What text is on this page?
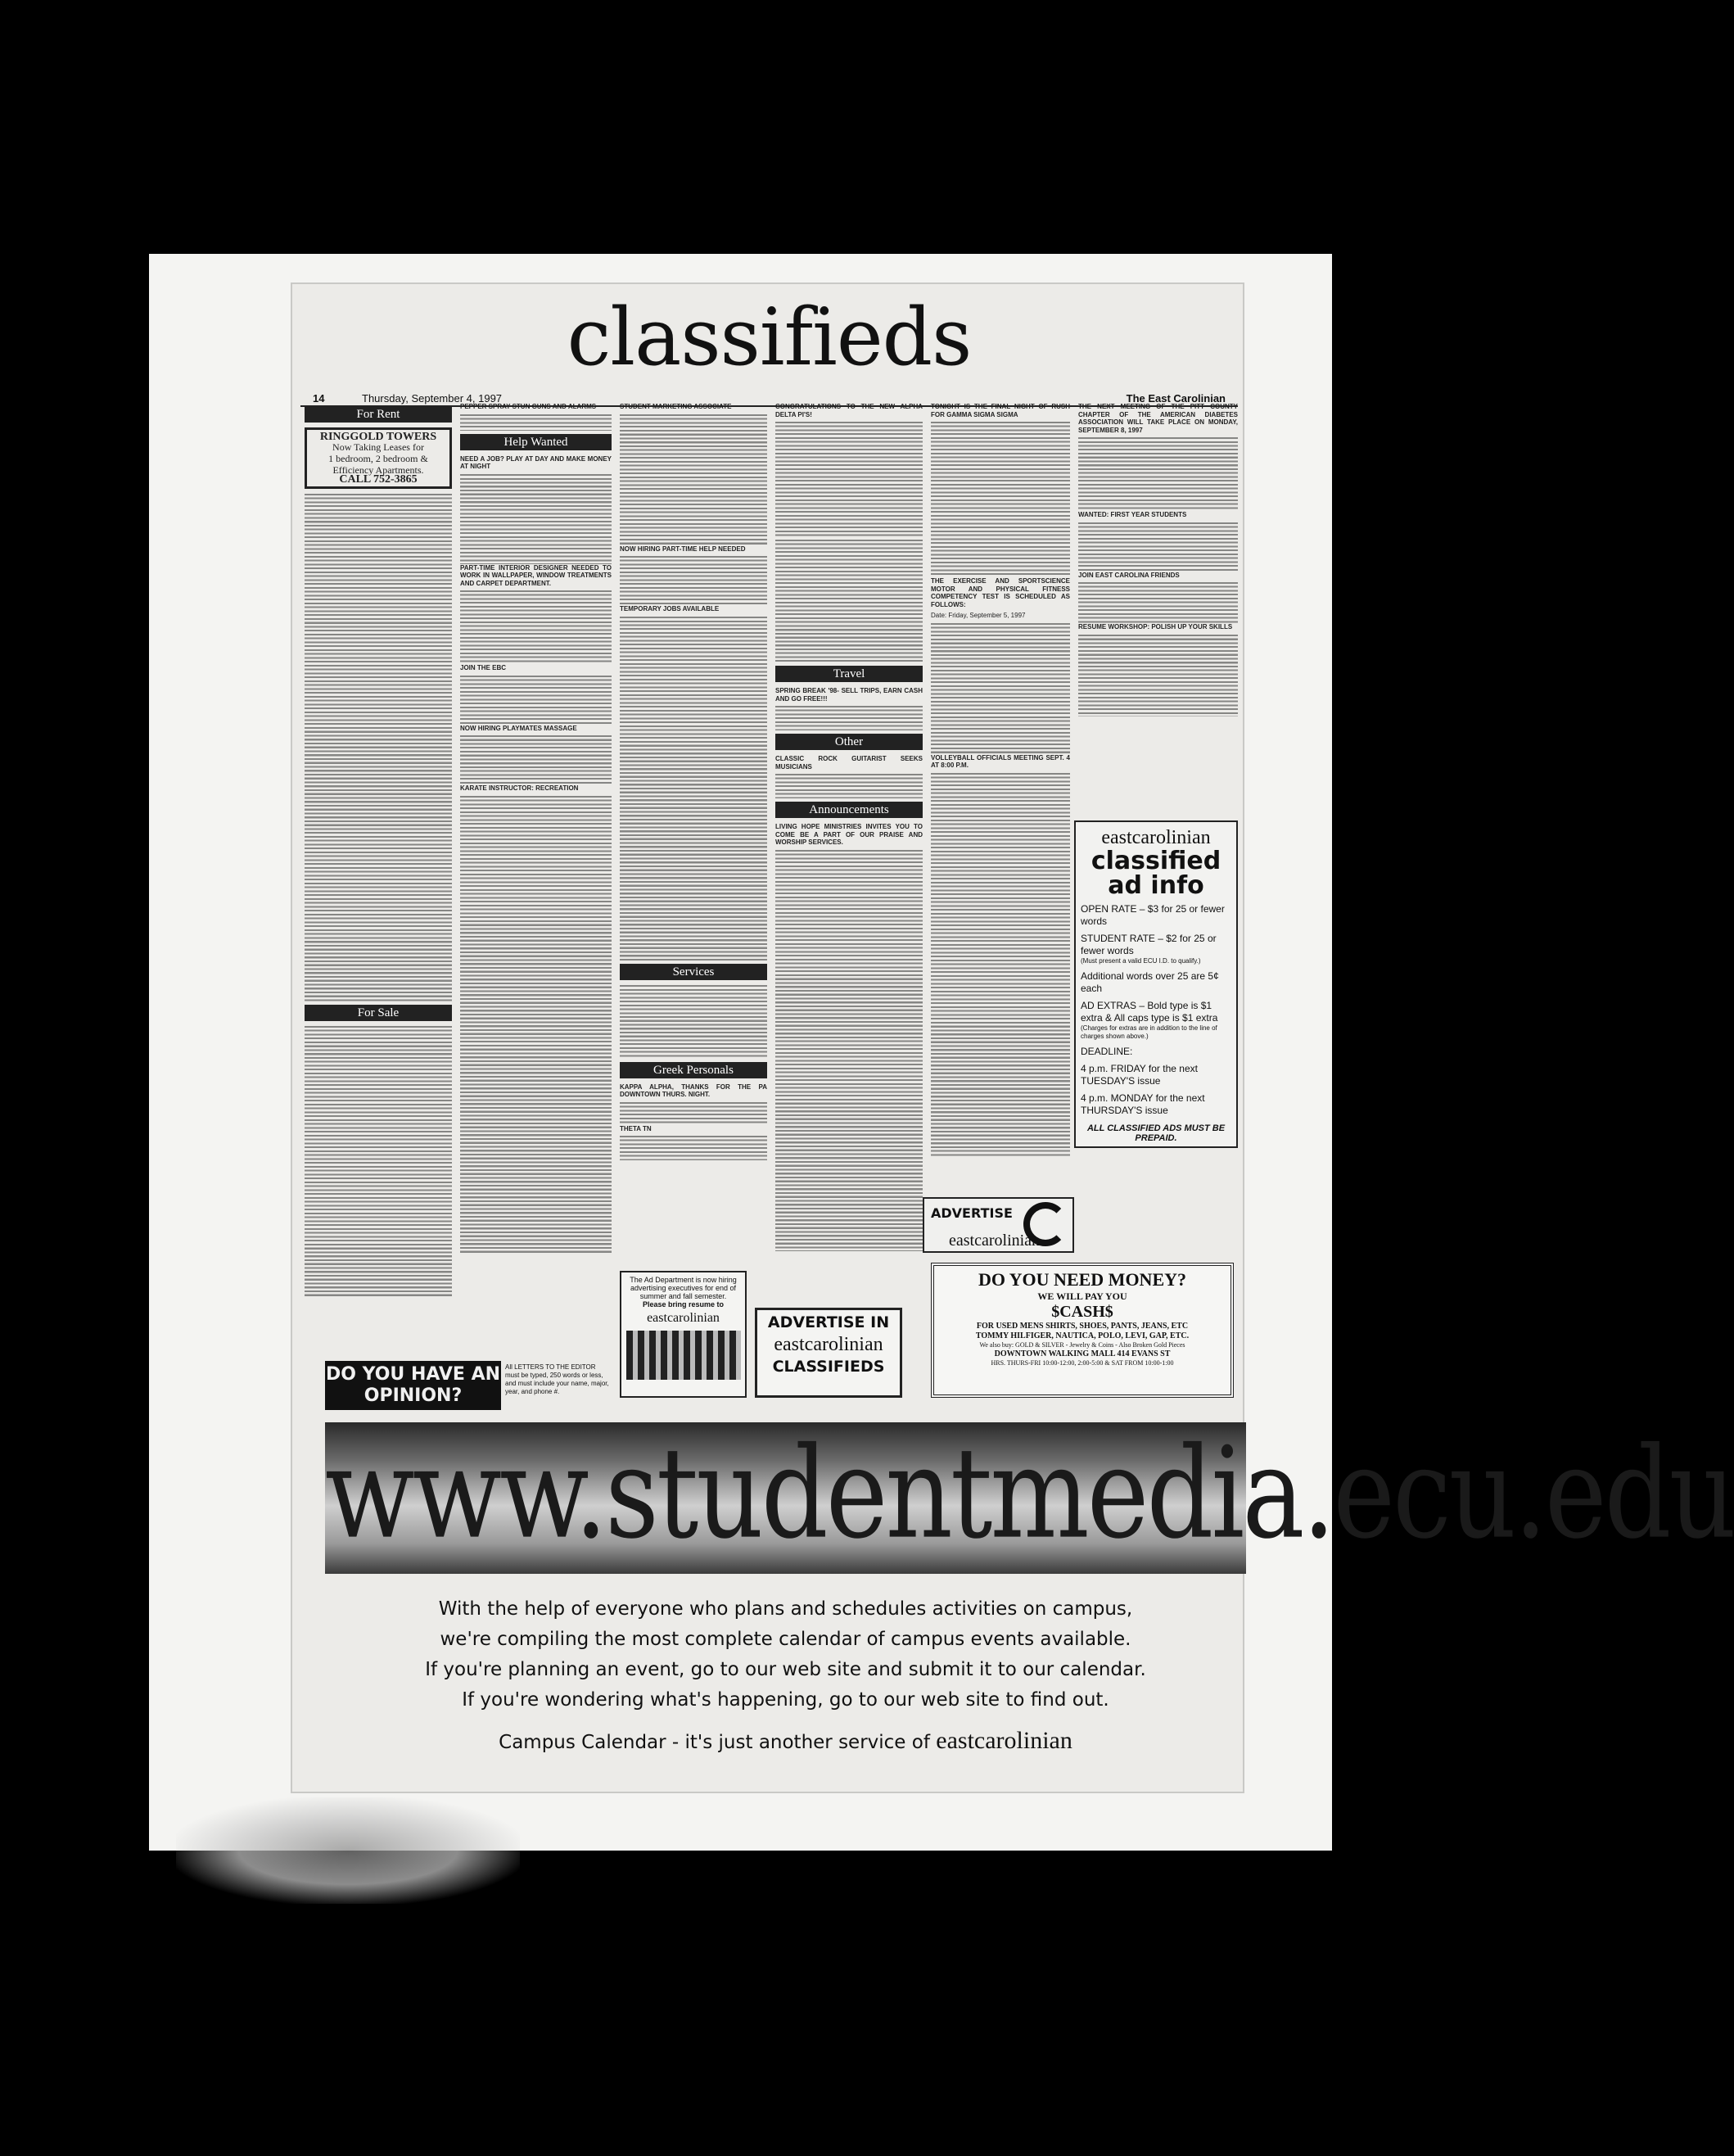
classifieds
14	Thursday, September 4, 1997	The East Carolinian
For Rent
RINGGOLD TOWERS
Now Taking Leases for
1 bedroom, 2 bedroom &
Efficiency Apartments.
CALL 752-3865
For Sale

PEPPER SPRAY STUN GUNS AND ALARMS

Help Wanted

NEED A JOB? PLAY AT DAY AND MAKE MONEY AT NIGHT

PART-TIME INTERIOR DESIGNER NEEDED TO WORK IN WALLPAPER, WINDOW TREATMENTS AND CARPET DEPARTMENT.

JOIN THE EBC

NOW HIRING PLAYMATES MASSAGE

KARATE INSTRUCTOR: RECREATION

STUDENT MARKETING ASSOCIATE

NOW HIRING PART-TIME HELP NEEDED

TEMPORARY JOBS AVAILABLE

Services
Greek Personals

KAPPA ALPHA, THANKS FOR THE PA DOWNTOWN THURS. NIGHT.

THETA TN

CONGRATULATIONS TO THE NEW ALPHA DELTA PI'S!

Travel

SPRING BREAK '98- SELL TRIPS, EARN CASH AND GO FREE!!!

Other

CLASSIC ROCK GUITARIST SEEKS MUSICIANS

Announcements

LIVING HOPE MINISTRIES INVITES YOU TO COME BE A PART OF OUR PRAISE AND WORSHIP SERVICES.

TONIGHT IS THE FINAL NIGHT OF RUSH FOR GAMMA SIGMA SIGMA

THE EXERCISE AND SPORTSCIENCE MOTOR AND PHYSICAL FITNESS COMPETENCY TEST IS SCHEDULED AS FOLLOWS:

Date: Friday, September 5, 1997

VOLLEYBALL OFFICIALS MEETING SEPT. 4 AT 8:00 P.M.

THE NEXT MEETING OF THE PITT COUNTY CHAPTER OF THE AMERICAN DIABETES ASSOCIATION WILL TAKE PLACE ON MONDAY, SEPTEMBER 8, 1997

WANTED: FIRST YEAR STUDENTS

JOIN EAST CAROLINA FRIENDS

RESUME WORKSHOP: POLISH UP YOUR SKILLS

eastcarolinian
classified ad info
OPEN RATE – $3 for 25 or fewer words
STUDENT RATE – $2 for 25 or fewer words
(Must present a valid ECU I.D. to qualify.)
Additional words over 25 are 5¢ each
AD EXTRAS – Bold type is $1 extra & All caps type is $1 extra
(Charges for extras are in addition to the line of charges shown above.)
DEADLINE:
4 p.m. FRIDAY for the next TUESDAY'S issue
4 p.m. MONDAY for the next THURSDAY'S issue
ALL CLASSIFIED ADS MUST BE PREPAID.
ADVERTISE
eastcarolinian
DO YOU NEED MONEY?
WE WILL PAY YOU
$CASH$
FOR USED MENS SHIRTS, SHOES, PANTS, JEANS, ETC
TOMMY HILFIGER, NAUTICA, POLO, LEVI, GAP, ETC.
We also buy: GOLD & SILVER - Jewelry & Coins - Also Broken Gold Pieces
DOWNTOWN WALKING MALL 414 EVANS ST
HRS. THURS-FRI 10:00-12:00, 2:00-5:00 & SAT FROM 10:00-1:00
The Ad Department is now hiring advertising executives for end of summer and fall semester.
Please bring resume to
eastcarolinian	ADVERTISE IN
eastcarolinian
CLASSIFIEDS
DO YOU HAVE AN OPINION?
All LETTERS TO THE EDITOR must be typed, 250 words or less, and must include your name, major, year, and phone #.
www.studentmedia.ecu.edu
With the help of everyone who plans and schedules activities on campus,
we're compiling the most complete calendar of campus events available.
If you're planning an event, go to our web site and submit it to our calendar.
If you're wondering what's happening, go to our web site to find out.
Campus Calendar - it's just another service of eastcarolinian
